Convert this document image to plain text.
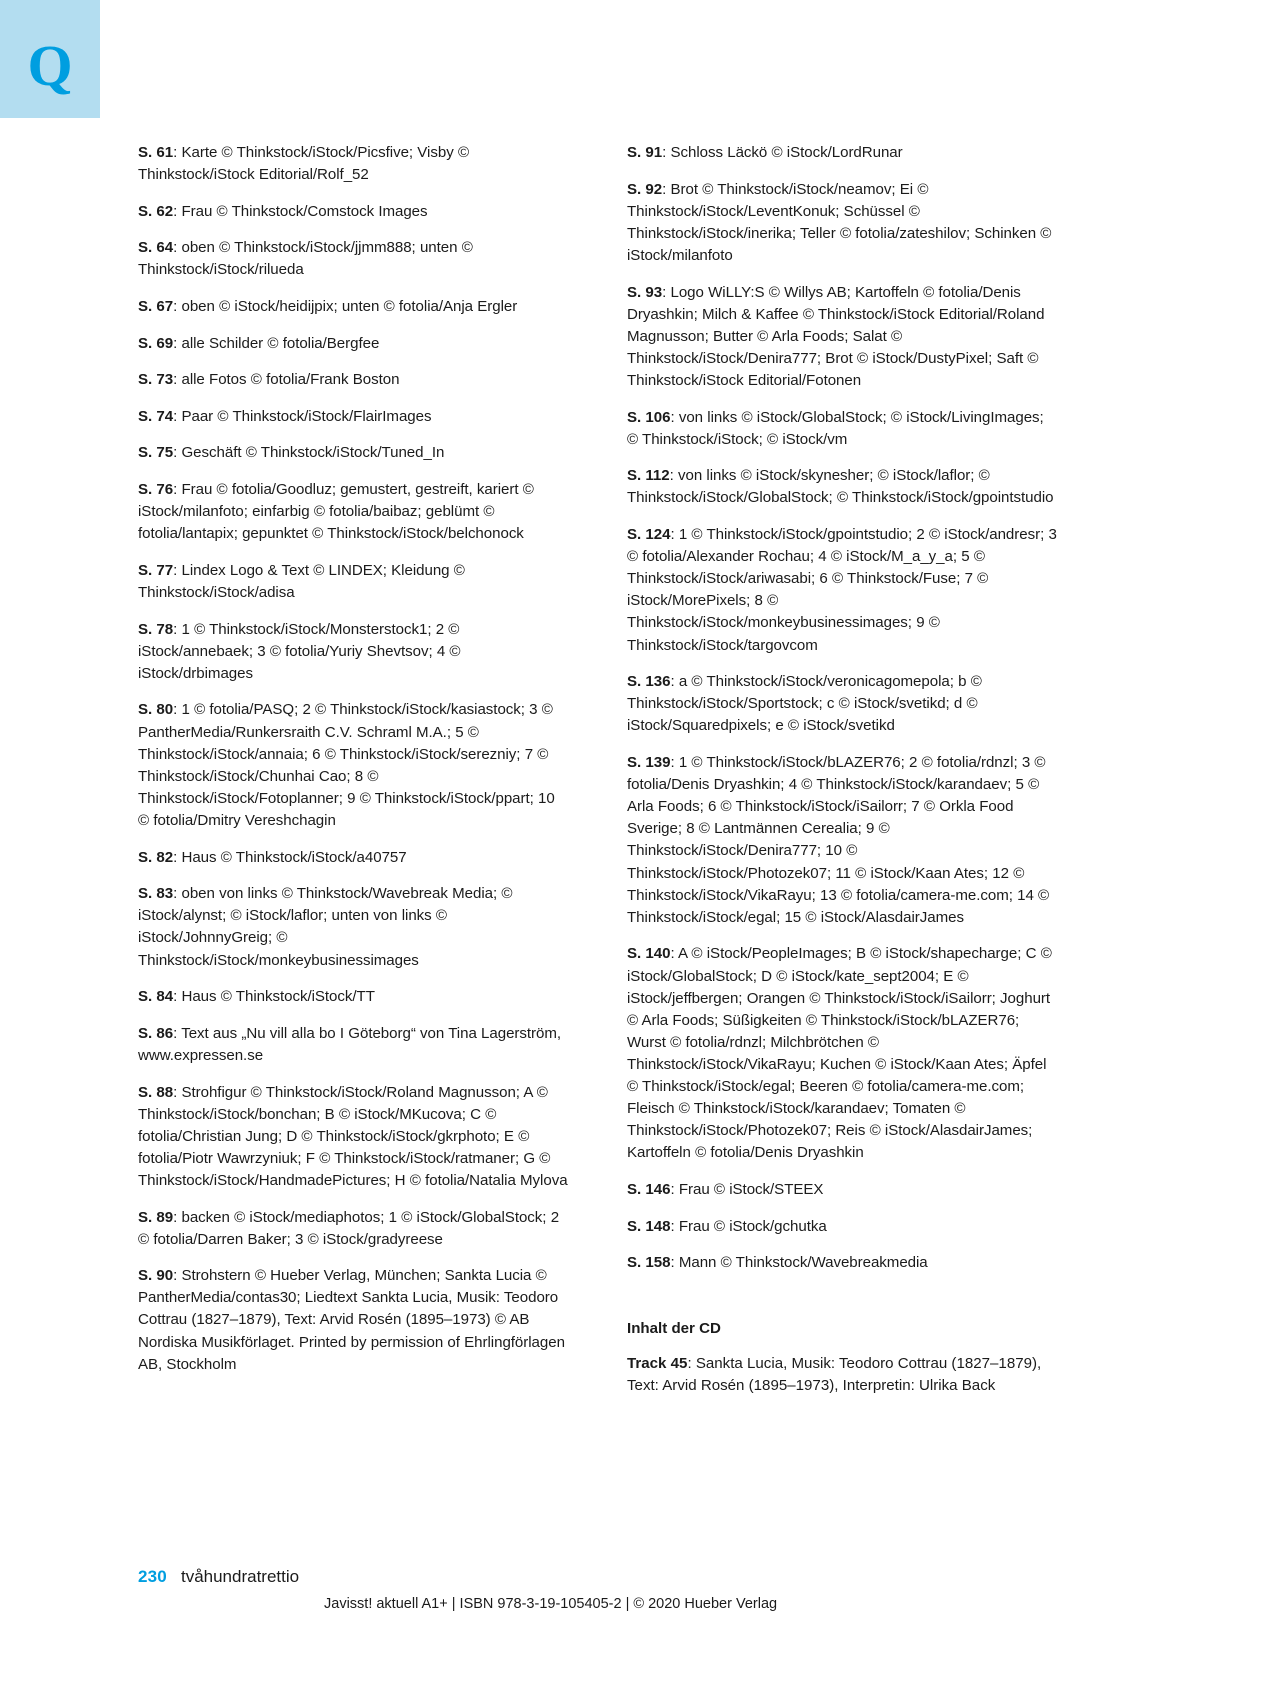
Q

S. 61: Karte © Thinkstock/iStock/Picsfive; Visby © Thinkstock/iStock Editorial/Rolf_52

S. 62: Frau © Thinkstock/Comstock Images

S. 64: oben © Thinkstock/iStock/jjmm888; unten © Thinkstock/iStock/rilueda

S. 67: oben © iStock/heidijpix; unten © fotolia/Anja Ergler

S. 69: alle Schilder © fotolia/Bergfee

S. 73: alle Fotos © fotolia/Frank Boston

S. 74: Paar © Thinkstock/iStock/FlairImages

S. 75: Geschäft © Thinkstock/iStock/Tuned_In

S. 76: Frau © fotolia/Goodluz; gemustert, gestreift, kariert © iStock/milanfoto; einfarbig © fotolia/baibaz; geblümt © fotolia/lantapix; gepunktet © Thinkstock/iStock/belchonock

S. 77: Lindex Logo & Text © LINDEX; Kleidung © Thinkstock/iStock/adisa

S. 78: 1 © Thinkstock/iStock/Monsterstock1; 2 © iStock/annebaek; 3 © fotolia/Yuriy Shevtsov; 4 © iStock/drbimages

S. 80: 1 © fotolia/PASQ; 2 © Thinkstock/iStock/kasiastock; 3 © PantherMedia/Runkersraith C.V. Schraml M.A.; 5 © Thinkstock/iStock/annaia; 6 © Thinkstock/iStock/serezniy; 7 © Thinkstock/iStock/Chunhai Cao; 8 © Thinkstock/iStock/Fotoplanner; 9 © Thinkstock/iStock/ppart; 10 © fotolia/Dmitry Vereshchagin

S. 82: Haus © Thinkstock/iStock/a40757

S. 83: oben von links © Thinkstock/Wavebreak Media; © iStock/alynst; © iStock/laflor; unten von links © iStock/JohnnyGreig; © Thinkstock/iStock/monkeybusinessimages

S. 84: Haus © Thinkstock/iStock/TT

S. 86: Text aus „Nu vill alla bo I Göteborg“ von Tina Lagerström, www.expressen.se

S. 88: Strohfigur © Thinkstock/iStock/Roland Magnusson; A © Thinkstock/iStock/bonchan; B © iStock/MKucova; C © fotolia/Christian Jung; D © Thinkstock/iStock/gkrphoto; E © fotolia/Piotr Wawrzyniuk; F © Thinkstock/iStock/ratmaner; G © Thinkstock/iStock/HandmadePictures; H © fotolia/Natalia Mylova

S. 89: backen © iStock/mediaphotos; 1 © iStock/GlobalStock; 2 © fotolia/Darren Baker; 3 © iStock/gradyreese

S. 90: Strohstern © Hueber Verlag, München; Sankta Lucia © PantherMedia/contas30; Liedtext Sankta Lucia, Musik: Teodoro Cottrau (1827–1879), Text: Arvid Rosén (1895–1973) © AB Nordiska Musikförlaget. Printed by permission of Ehrlingförlagen AB, Stockholm

S. 91: Schloss Läckö © iStock/LordRunar

S. 92: Brot © Thinkstock/iStock/neamov; Ei © Thinkstock/iStock/LeventKonuk; Schüssel © Thinkstock/iStock/inerika; Teller © fotolia/zateshilov; Schinken © iStock/milanfoto

S. 93: Logo WiLLY:S © Willys AB; Kartoffeln © fotolia/Denis Dryashkin; Milch & Kaffee © Thinkstock/iStock Editorial/Roland Magnusson; Butter © Arla Foods; Salat © Thinkstock/iStock/Denira777; Brot © iStock/DustyPixel; Saft © Thinkstock/iStock Editorial/Fotonen

S. 106: von links © iStock/GlobalStock; © iStock/LivingImages; © Thinkstock/iStock; © iStock/vm

S. 112: von links © iStock/skynesher; © iStock/laflor; © Thinkstock/iStock/GlobalStock; © Thinkstock/iStock/gpointstudio

S. 124: 1 © Thinkstock/iStock/gpointstudio; 2 © iStock/andresr; 3 © fotolia/Alexander Rochau; 4 © iStock/M_a_y_a; 5 © Thinkstock/iStock/ariwasabi; 6 © Thinkstock/Fuse; 7 © iStock/MorePixels; 8 © Thinkstock/iStock/monkeybusinessimages; 9 © Thinkstock/iStock/targovcom

S. 136: a © Thinkstock/iStock/veronicagomepola; b © Thinkstock/iStock/Sportstock; c © iStock/svetikd; d © iStock/Squaredpixels; e © iStock/svetikd

S. 139: 1 © Thinkstock/iStock/bLAZER76; 2 © fotolia/rdnzl; 3 © fotolia/Denis Dryashkin; 4 © Thinkstock/iStock/karandaev; 5 © Arla Foods; 6 © Thinkstock/iStock/iSailorr; 7 © Orkla Food Sverige; 8 © Lantmännen Cerealia; 9 © Thinkstock/iStock/Denira777; 10 © Thinkstock/iStock/Photozek07; 11 © iStock/Kaan Ates; 12 © Thinkstock/iStock/VikaRayu; 13 © fotolia/camera-me.com; 14 © Thinkstock/iStock/egal; 15 © iStock/AlasdairJames

S. 140: A © iStock/PeopleImages; B © iStock/shapecharge; C © iStock/GlobalStock; D © iStock/kate_sept2004; E © iStock/jeffbergen; Orangen © Thinkstock/iStock/iSailorr; Joghurt © Arla Foods; Süßigkeiten © Thinkstock/iStock/bLAZER76; Wurst © fotolia/rdnzl; Milchbrötchen © Thinkstock/iStock/VikaRayu; Kuchen © iStock/Kaan Ates; Äpfel © Thinkstock/iStock/egal; Beeren © fotolia/camera-me.com; Fleisch © Thinkstock/iStock/karandaev; Tomaten © Thinkstock/iStock/Photozek07; Reis © iStock/AlasdairJames; Kartoffeln © fotolia/Denis Dryashkin

S. 146: Frau © iStock/STEEX

S. 148: Frau © iStock/gchutka

S. 158: Mann © Thinkstock/Wavebreakmedia

Inhalt der CD

Track 45: Sankta Lucia, Musik: Teodoro Cottrau (1827–1879), Text: Arvid Rosén (1895–1973), Interpretin: Ulrika Back

230 tvåhundratrettio
Javisst! aktuell A1+ | ISBN 978-3-19-105405-2 | © 2020 Hueber Verlag
